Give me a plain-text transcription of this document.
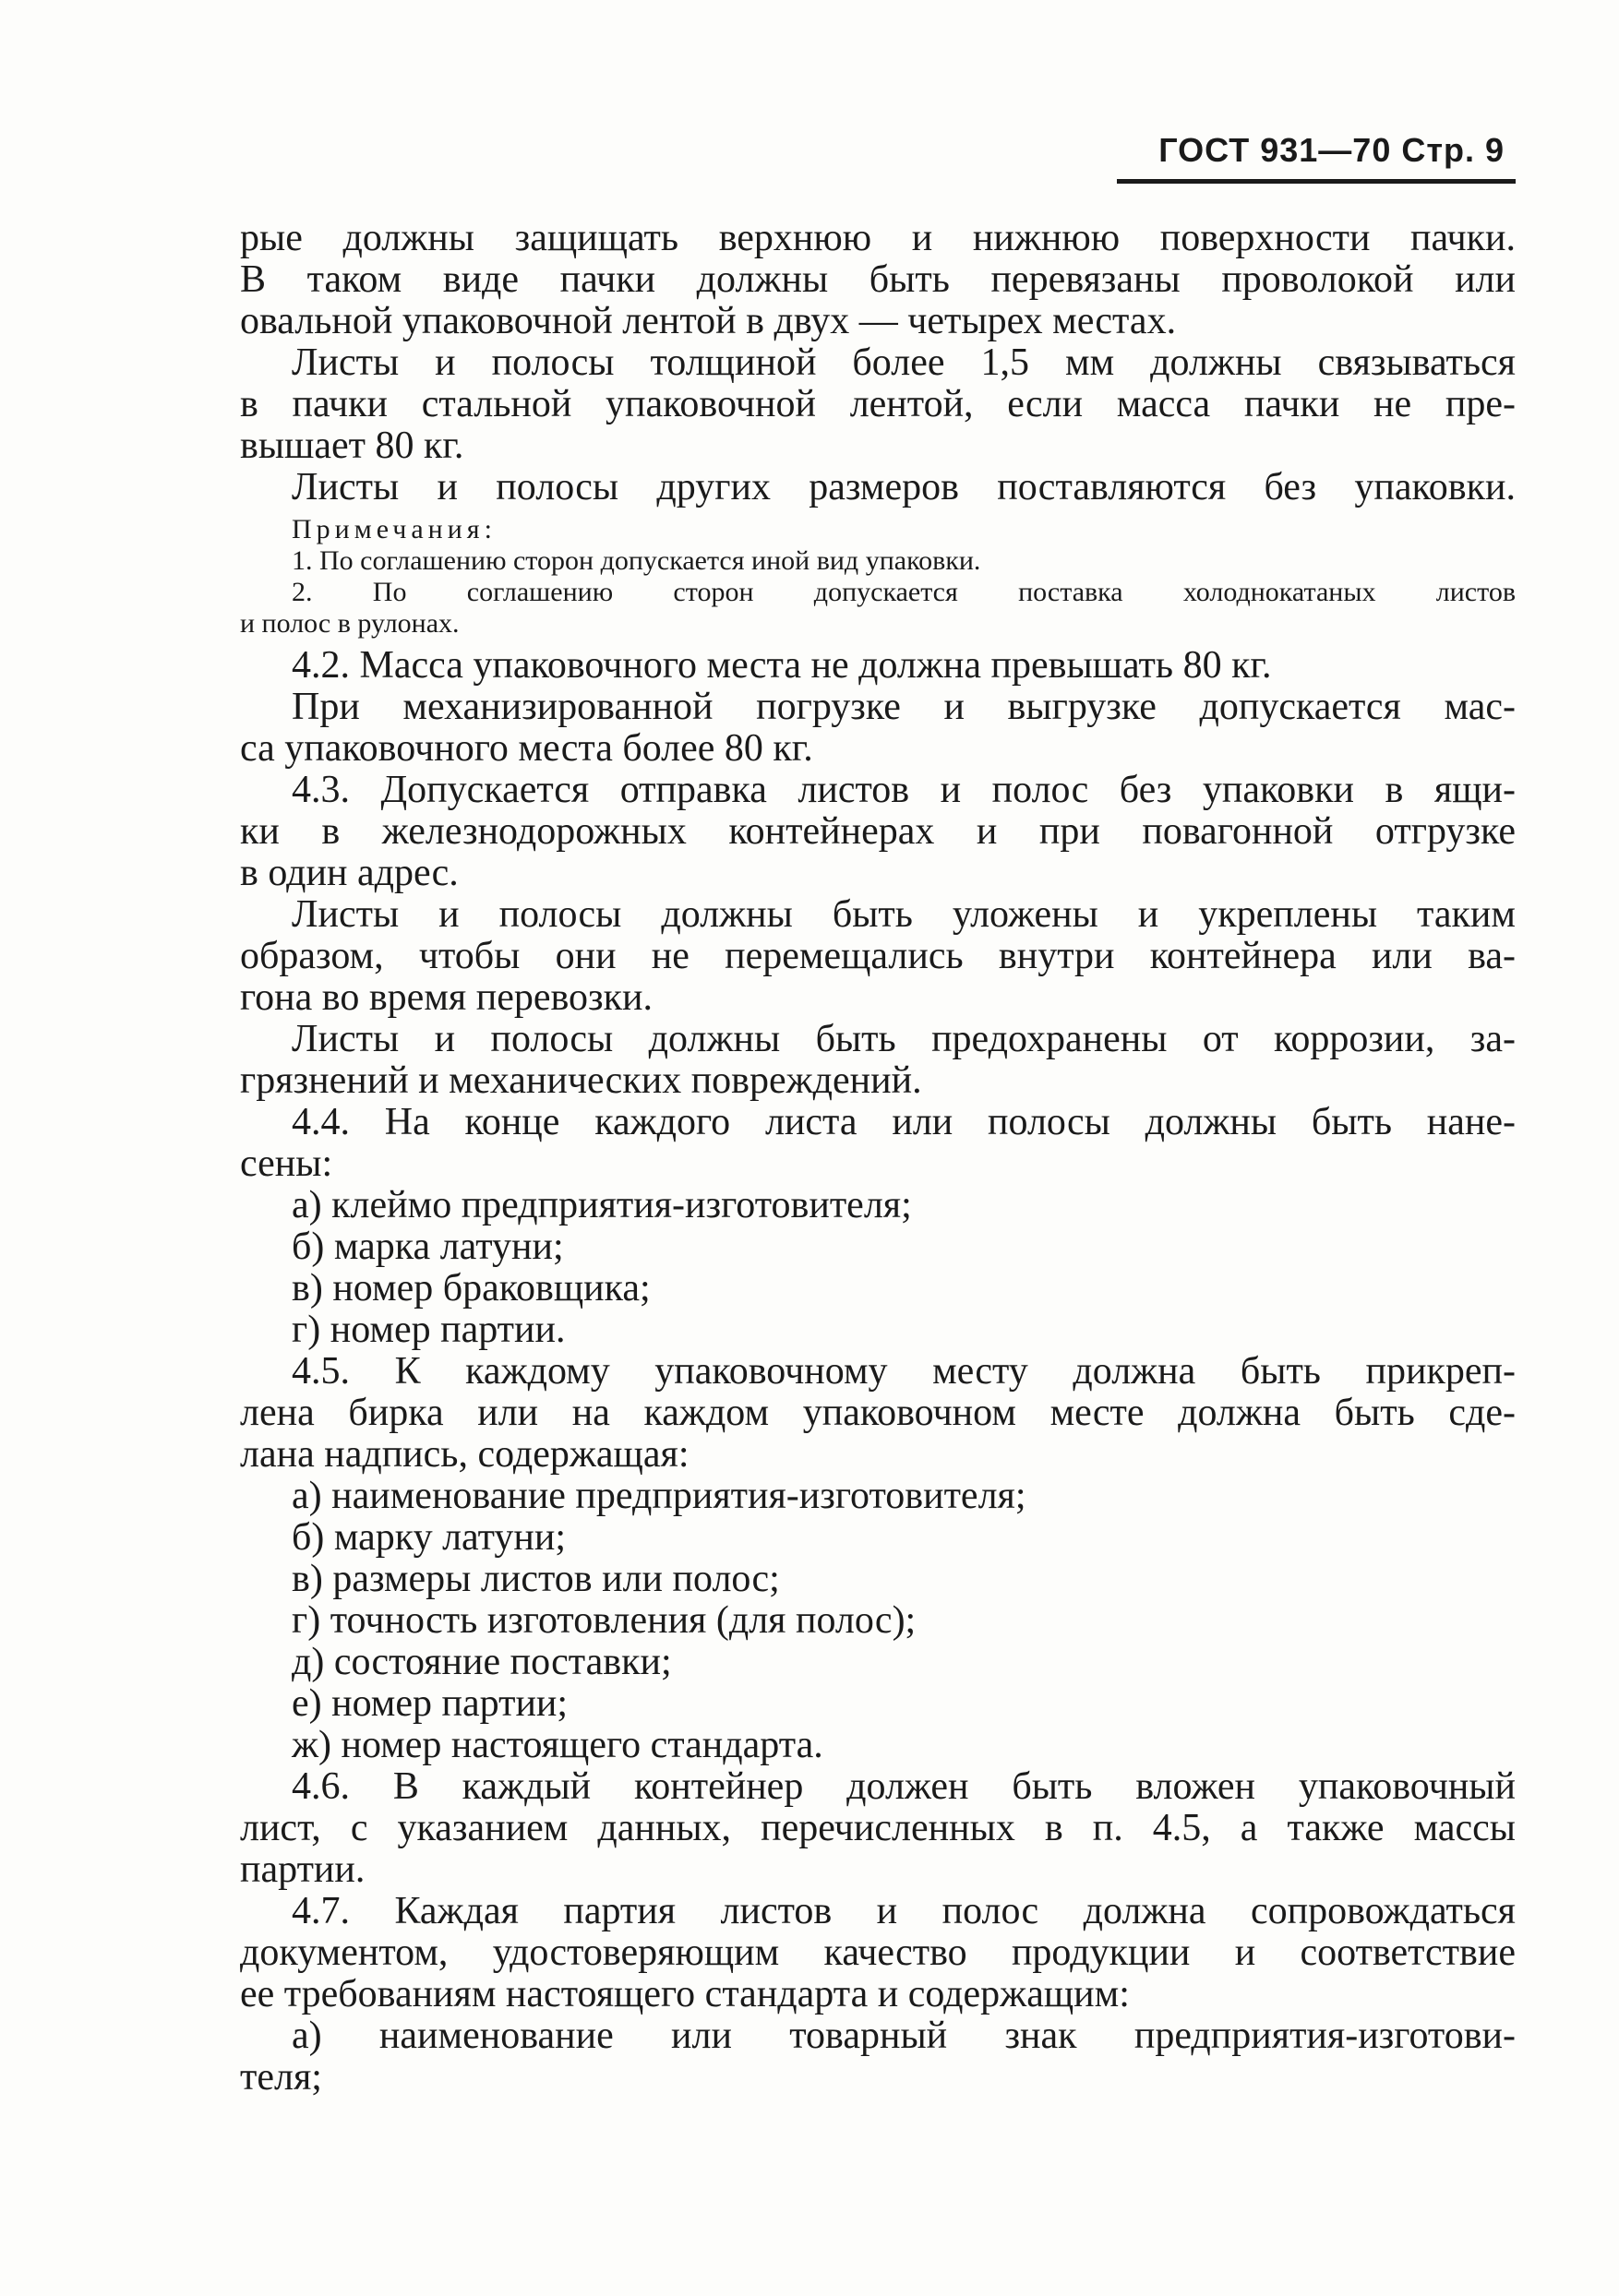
ГОСТ 931—70 Стр. 9
рые должны защищать верхнюю и нижнюю поверхности пачки.
В таком виде пачки должны быть перевязаны проволокой или
овальной упаковочной лентой в двух — четырех местах.
Листы и полосы толщиной более 1,5 мм должны связываться
в пачки стальной упаковочной лентой, если масса пачки не пре-
вышает 80 кг.
Листы и полосы других размеров поставляются без упаковки.
Примечания:
1. По соглашению сторон допускается иной вид упаковки.
2. По соглашению сторон допускается поставка холоднокатаных листов
и полос в рулонах.
4.2. Масса упаковочного места не должна превышать 80 кг.
При механизированной погрузке и выгрузке допускается мас-
са упаковочного места более 80 кг.
4.3. Допускается отправка листов и полос без упаковки в ящи-
ки в железнодорожных контейнерах и при повагонной отгрузке
в один адрес.
Листы и полосы должны быть уложены и укреплены таким
образом, чтобы они не перемещались внутри контейнера или ва-
гона во время перевозки.
Листы и полосы должны быть предохранены от коррозии, за-
грязнений и механических повреждений.
4.4. На конце каждого листа или полосы должны быть нане-
сены:
а) клеймо предприятия-изготовителя;
б) марка латуни;
в) номер браковщика;
г) номер партии.
4.5. К каждому упаковочному месту должна быть прикреп-
лена бирка или на каждом упаковочном месте должна быть сде-
лана надпись, содержащая:
а) наименование предприятия-изготовителя;
б) марку латуни;
в) размеры листов или полос;
г) точность изготовления (для полос);
д) состояние поставки;
е) номер партии;
ж) номер настоящего стандарта.
4.6. В каждый контейнер должен быть вложен упаковочный
лист, с указанием данных, перечисленных в п. 4.5, а также массы
партии.
4.7. Каждая партия листов и полос должна сопровождаться
документом, удостоверяющим качество продукции и соответствие
ее требованиям настоящего стандарта и содержащим:
а) наименование или товарный знак предприятия-изготови-
теля;
